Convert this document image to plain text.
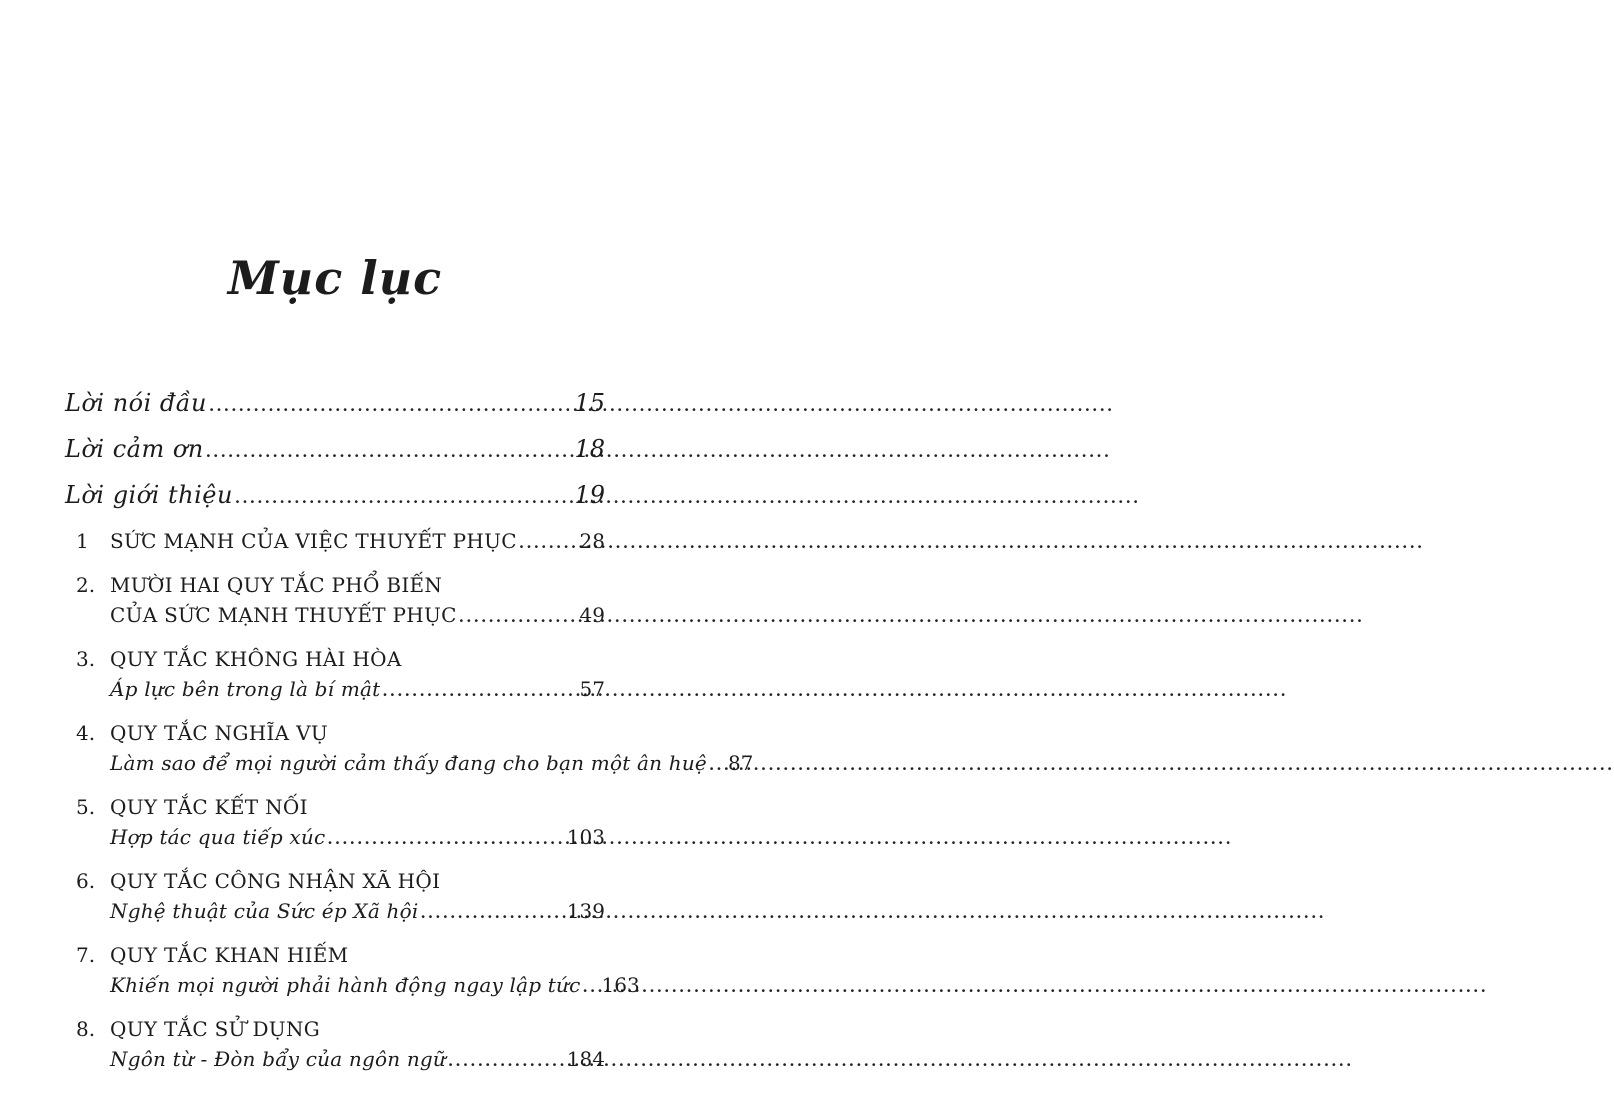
Mục lục
Lời nói đầu .....	15
Lời cảm ơn .....	18
Lời giới thiệu .....	19
1	SỨC MẠNH CỦA VIỆC THUYẾT PHỤC .....	28
2. MƯỜI HAI QUY TẮC PHỔ BIẾN
CỦA SỨC MẠNH THUYẾT PHỤC .....	49
3. QUY TẮC KHÔNG HÀI HÒA
Áp lực bên trong là bí mật .....	57
4. QUY TẮC NGHĨA VỤ
Làm sao để mọi người cảm thấy đang cho bạn một ân huệ ..... 87
5. QUY TẮC KẾT NỐI
Hợp tác qua tiếp xúc .....	103
6. QUY TẮC CÔNG NHẬN XÃ HỘI
Nghệ thuật của Sức ép Xã hội .....	139
7. QUY TẮC KHAN HIẾM
Khiến mọi người phải hành động ngay lập tức ..... 163
8. QUY TẮC SỬ DỤNG
Ngôn từ - Đòn bẩy của ngôn ngữ .....	184
